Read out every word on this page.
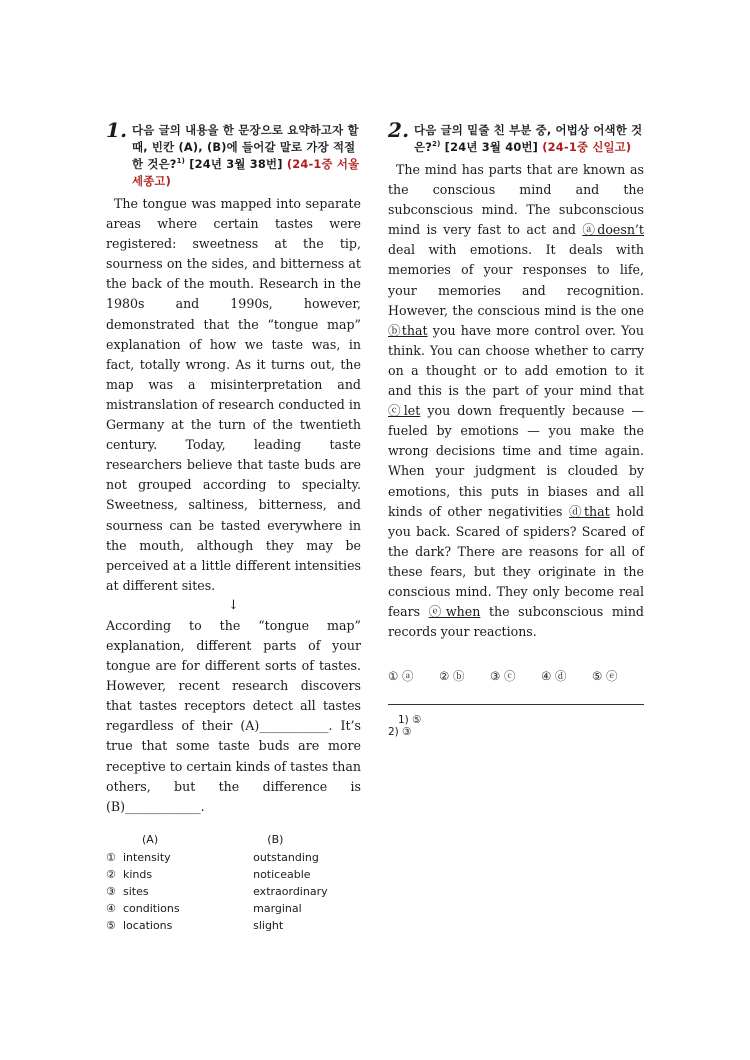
1. 다음 글의 내용을 한 문장으로 요약하고자 할 때, 빈칸 (A), (B)에 들어갈 말로 가장 적절한 것은?$^{1)}$ [24년 3월 38번] (24-1중 서울세종고)

The tongue was mapped into separate areas where certain tastes were registered: sweetness at the tip, sourness on the sides, and bitterness at the back of the mouth. Research in the 1980s and 1990s, however, demonstrated that the “tongue map” explanation of how we taste was, in fact, totally wrong. As it turns out, the map was a misinterpretation and mistranslation of research conducted in Germany at the turn of the twentieth century. Today, leading taste researchers believe that taste buds are not grouped according to specialty. Sweetness, saltiness, bitterness, and sourness can be tasted everywhere in the mouth, although they may be perceived at a little different intensities at different sites.

↓

According to the “tongue map” explanation, different parts of your tongue are for different sorts of tastes. However, recent research discovers that tastes receptors detect all tastes regardless of their (A)___________. It’s true that some taste buds are more receptive to certain kinds of tastes than others, but the difference is (B)____________.

(A)	(B)
① intensity	outstanding
② kinds	noticeable
③ sites	extraordinary
④ conditions	marginal
⑤ locations	slight
2. 다음 글의 밑줄 친 부분 중, 어법상 어색한 것은?$^{2)}$ [24년 3월 40번] (24-1중 신일고)

The mind has parts that are known as the conscious mind and the subconscious mind. The subconscious mind is very fast to act and ⓐdoesn’t deal with emotions. It deals with memories of your responses to life, your memories and recognition. However, the conscious mind is the one ⓑthat you have more control over. You think. You can choose whether to carry on a thought or to add emotion to it and this is the part of your mind that ⓒlet you down frequently because — fueled by emotions — you make the wrong decisions time and time again. When your judgment is clouded by emotions, this puts in biases and all kinds of other negativities ⓓthat hold you back. Scared of spiders? Scared of the dark? There are reasons for all of these fears, but they originate in the conscious mind. They only become real fears ⓔwhen the subconscious mind records your reactions.

① ⓐ	② ⓑ	③ ⓒ	④ ⓓ	⑤ ⓔ
1) ⑤
2) ③
